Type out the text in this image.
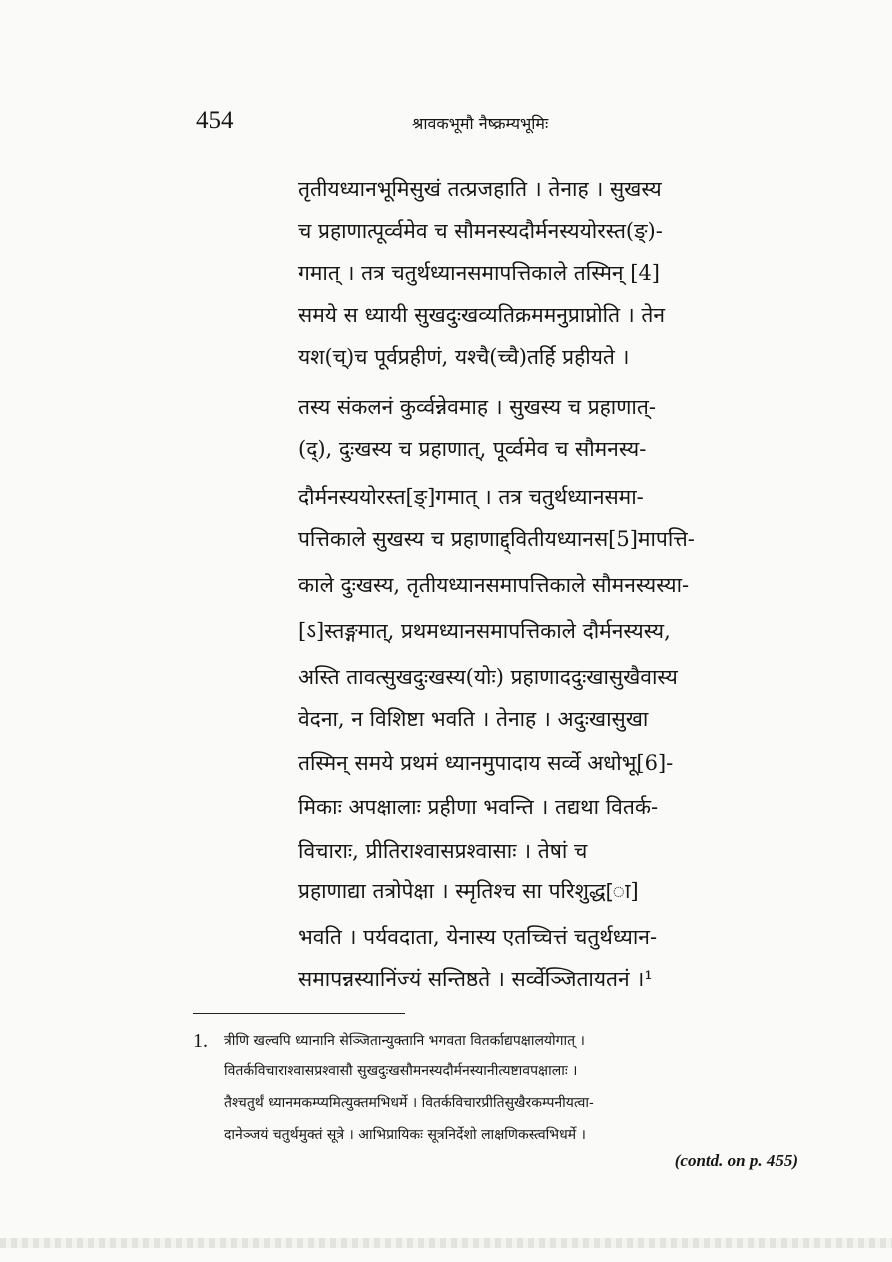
454	श्रावकभूमौ नैष्क्रम्यभूमिः
तृतीयध्यानभूमिसुखं तत्प्रजहाति । तेनाह । सुखस्य
च प्रहाणात्पूर्व्वमेव च सौमनस्यदौर्मनस्ययोरस्त(ङ्)-
गमात् । तत्र चतुर्थध्यानसमापत्तिकाले तस्मिन् [4]
समये स ध्यायी सुखदुःखव्यतिक्रममनुप्राप्नोति । तेन
यश(च्)च पूर्वप्रहीणं, यश्चै(च्चै)तर्हि प्रहीयते ।
तस्य संकलनं कुर्व्वन्नेवमाह । सुखस्य च प्रहाणात्-
(द्), दुःखस्य च प्रहाणात्, पूर्व्वमेव च सौमनस्य-
दौर्मनस्ययोरस्त[ङ्]गमात् । तत्र चतुर्थध्यानसमा-
पत्तिकाले सुखस्य च प्रहाणाद्द्वितीयध्यानस[5]मापत्ति-
काले दुःखस्य, तृतीयध्यानसमापत्तिकाले सौमनस्यस्या-
[ऽ]स्तङ्गमात्, प्रथमध्यानसमापत्तिकाले दौर्मनस्यस्य,
अस्ति तावत्सुखदुःखस्य(योः) प्रहाणाददुःखासुखैवास्य
वेदना, न विशिष्टा भवति । तेनाह । अदुःखासुखा
तस्मिन् समये प्रथमं ध्यानमुपादाय सर्व्वे अधोभू[6]-
मिकाः अपक्षालाः प्रहीणा भवन्ति । तद्यथा वितर्क-
विचाराः, प्रीतिराश्वासप्रश्वासाः । तेषां च
प्रहाणाद्या तत्रोपेक्षा । स्मृतिश्च सा परिशुद्ध[ा]
भवति । पर्यवदाता, येनास्य एतच्चित्तं चतुर्थध्यान-
समापन्नस्यानिंज्यं सन्तिष्ठते । सर्व्वेञ्जितायतनं ।¹
1. त्रीणि खल्वपि ध्यानानि सेञ्जितान्युक्तानि भगवता वितर्काद्यपक्षालयोगात् ।
वितर्कविचाराश्वासप्रश्वासौ सुखदुःखसौमनस्यदौर्मनस्यानीत्यष्टावपक्षालाः ।
तैश्चतुर्थं ध्यानमकम्प्यमित्युक्तमभिधर्मे । वितर्कविचारप्रीतिसुखैरकम्पनीयत्वा-
दानेञ्जयं चतुर्थमुक्तं सूत्रे । आभिप्रायिकः सूत्रनिर्देशो लाक्षणिकस्त्वभिधर्मे ।
(contd. on p. 455)
